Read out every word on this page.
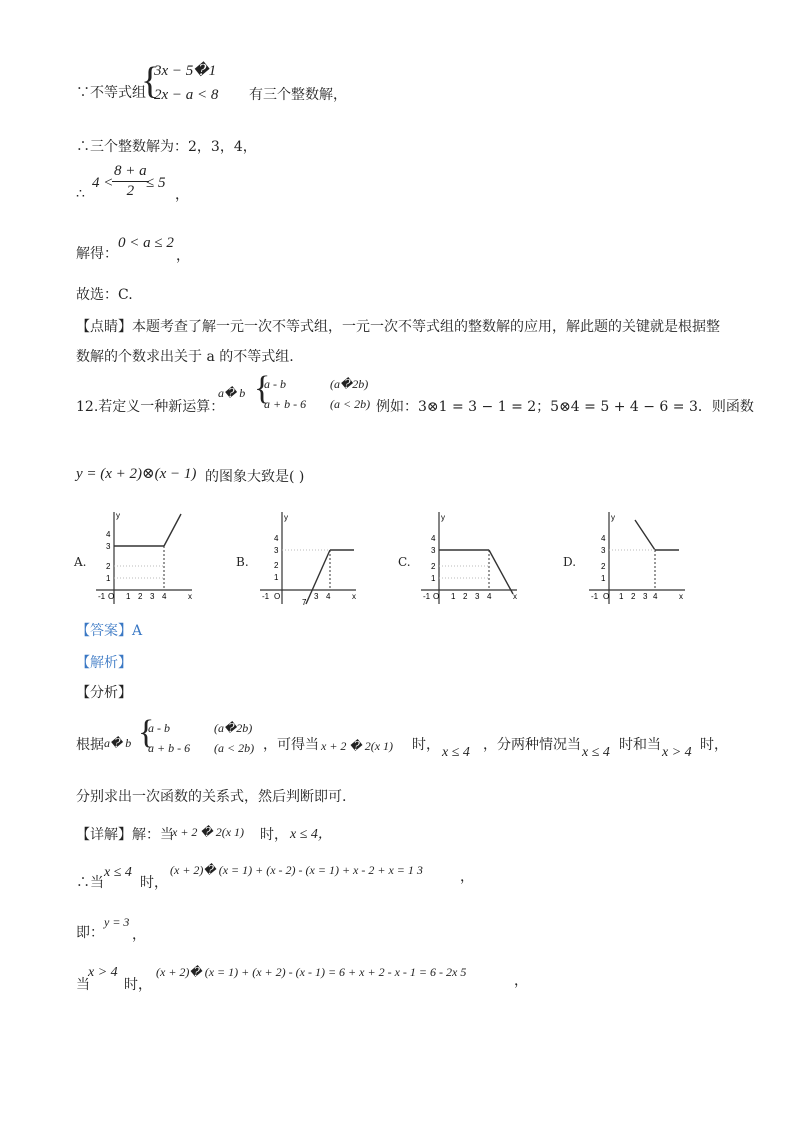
∵不等式组
{
3x − 5�1
2x − a < 8 有三个整数解，
∴三个整数解为：2，3，4，
∴
4 <
$\frac{8 + a}{2}$
≤ 5
，
解得：
0 < a ≤ 2
，
故选：C.
【点睛】本题考查了解一元一次不等式组，一元一次不等式组的整数解的应用，解此题的关键就是根据整
数解的个数求出关于 a 的不等式组.
12.若定义一种新运算：
a� b
a - b	(a�2b)
a + b - 6 (a < 2b) 例如：3⊗1 = 3 − 1 = 2；5⊗4 = 5 + 4 − 6 = 3．则函数
y = (x + 2)⊗(x − 1) 的图象大致是( )
A.	B.	C.	D.
y
4
3
2
1
-1 O 1 2 3 4	x
y
4
3
2
1
-1 O
7
3 4	x
y
4
3
2
1
-1 O 1 2 3 4	x
y
4
3
2
1
-1 O 1 2 3 4	x
【答案】A
【解析】
【分析】
根据 a� b
a - b	(a�2b)
a + b - 6 (a < 2b) ，可得当 x + 2 � 2(x 1) 时， x ≤ 4 ，分两种情况当 x ≤ 4 时和当 x > 4 时，
分别求出一次函数的关系式，然后判断即可.
【详解】解：当
x + 2 � 2(x 1) 时， x ≤ 4，
∴当
x ≤ 4
时，
(x + 2)� (x = 1) + (x - 2) - (x = 1) + x - 2 + x = 1 3	，
即：
y = 3
，
当
x > 4
时，
(x + 2)� (x = 1) + (x + 2) - (x - 1) = 6 + x + 2 - x - 1 = 6 - 2x 5
，
{
{
